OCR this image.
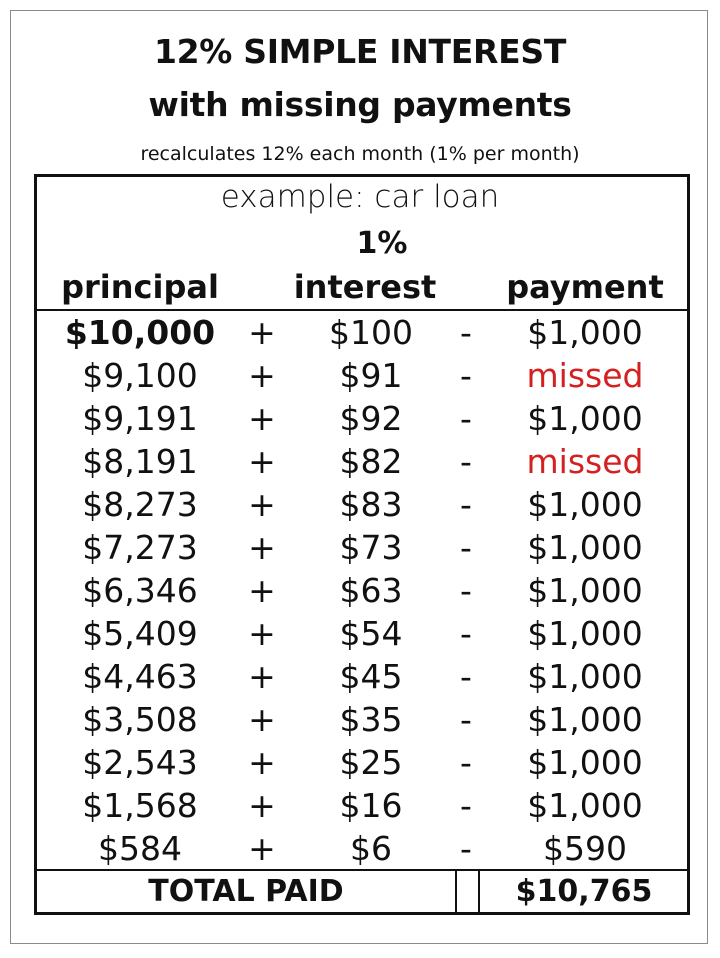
12% SIMPLE INTEREST
with missing payments
recalculates 12% each month (1% per month)
example: car loan
1%
principal	interest	payment
$10,000	+	$100	-	$1,000
$9,100	+	$91	-	missed
$9,191	+	$92	-	$1,000
$8,191	+	$82	-	missed
$8,273	+	$83	-	$1,000
$7,273	+	$73	-	$1,000
$6,346	+	$63	-	$1,000
$5,409	+	$54	-	$1,000
$4,463	+	$45	-	$1,000
$3,508	+	$35	-	$1,000
$2,543	+	$25	-	$1,000
$1,568	+	$16	-	$1,000
$584	+	$6	-	$590
TOTAL PAID	$10,765
